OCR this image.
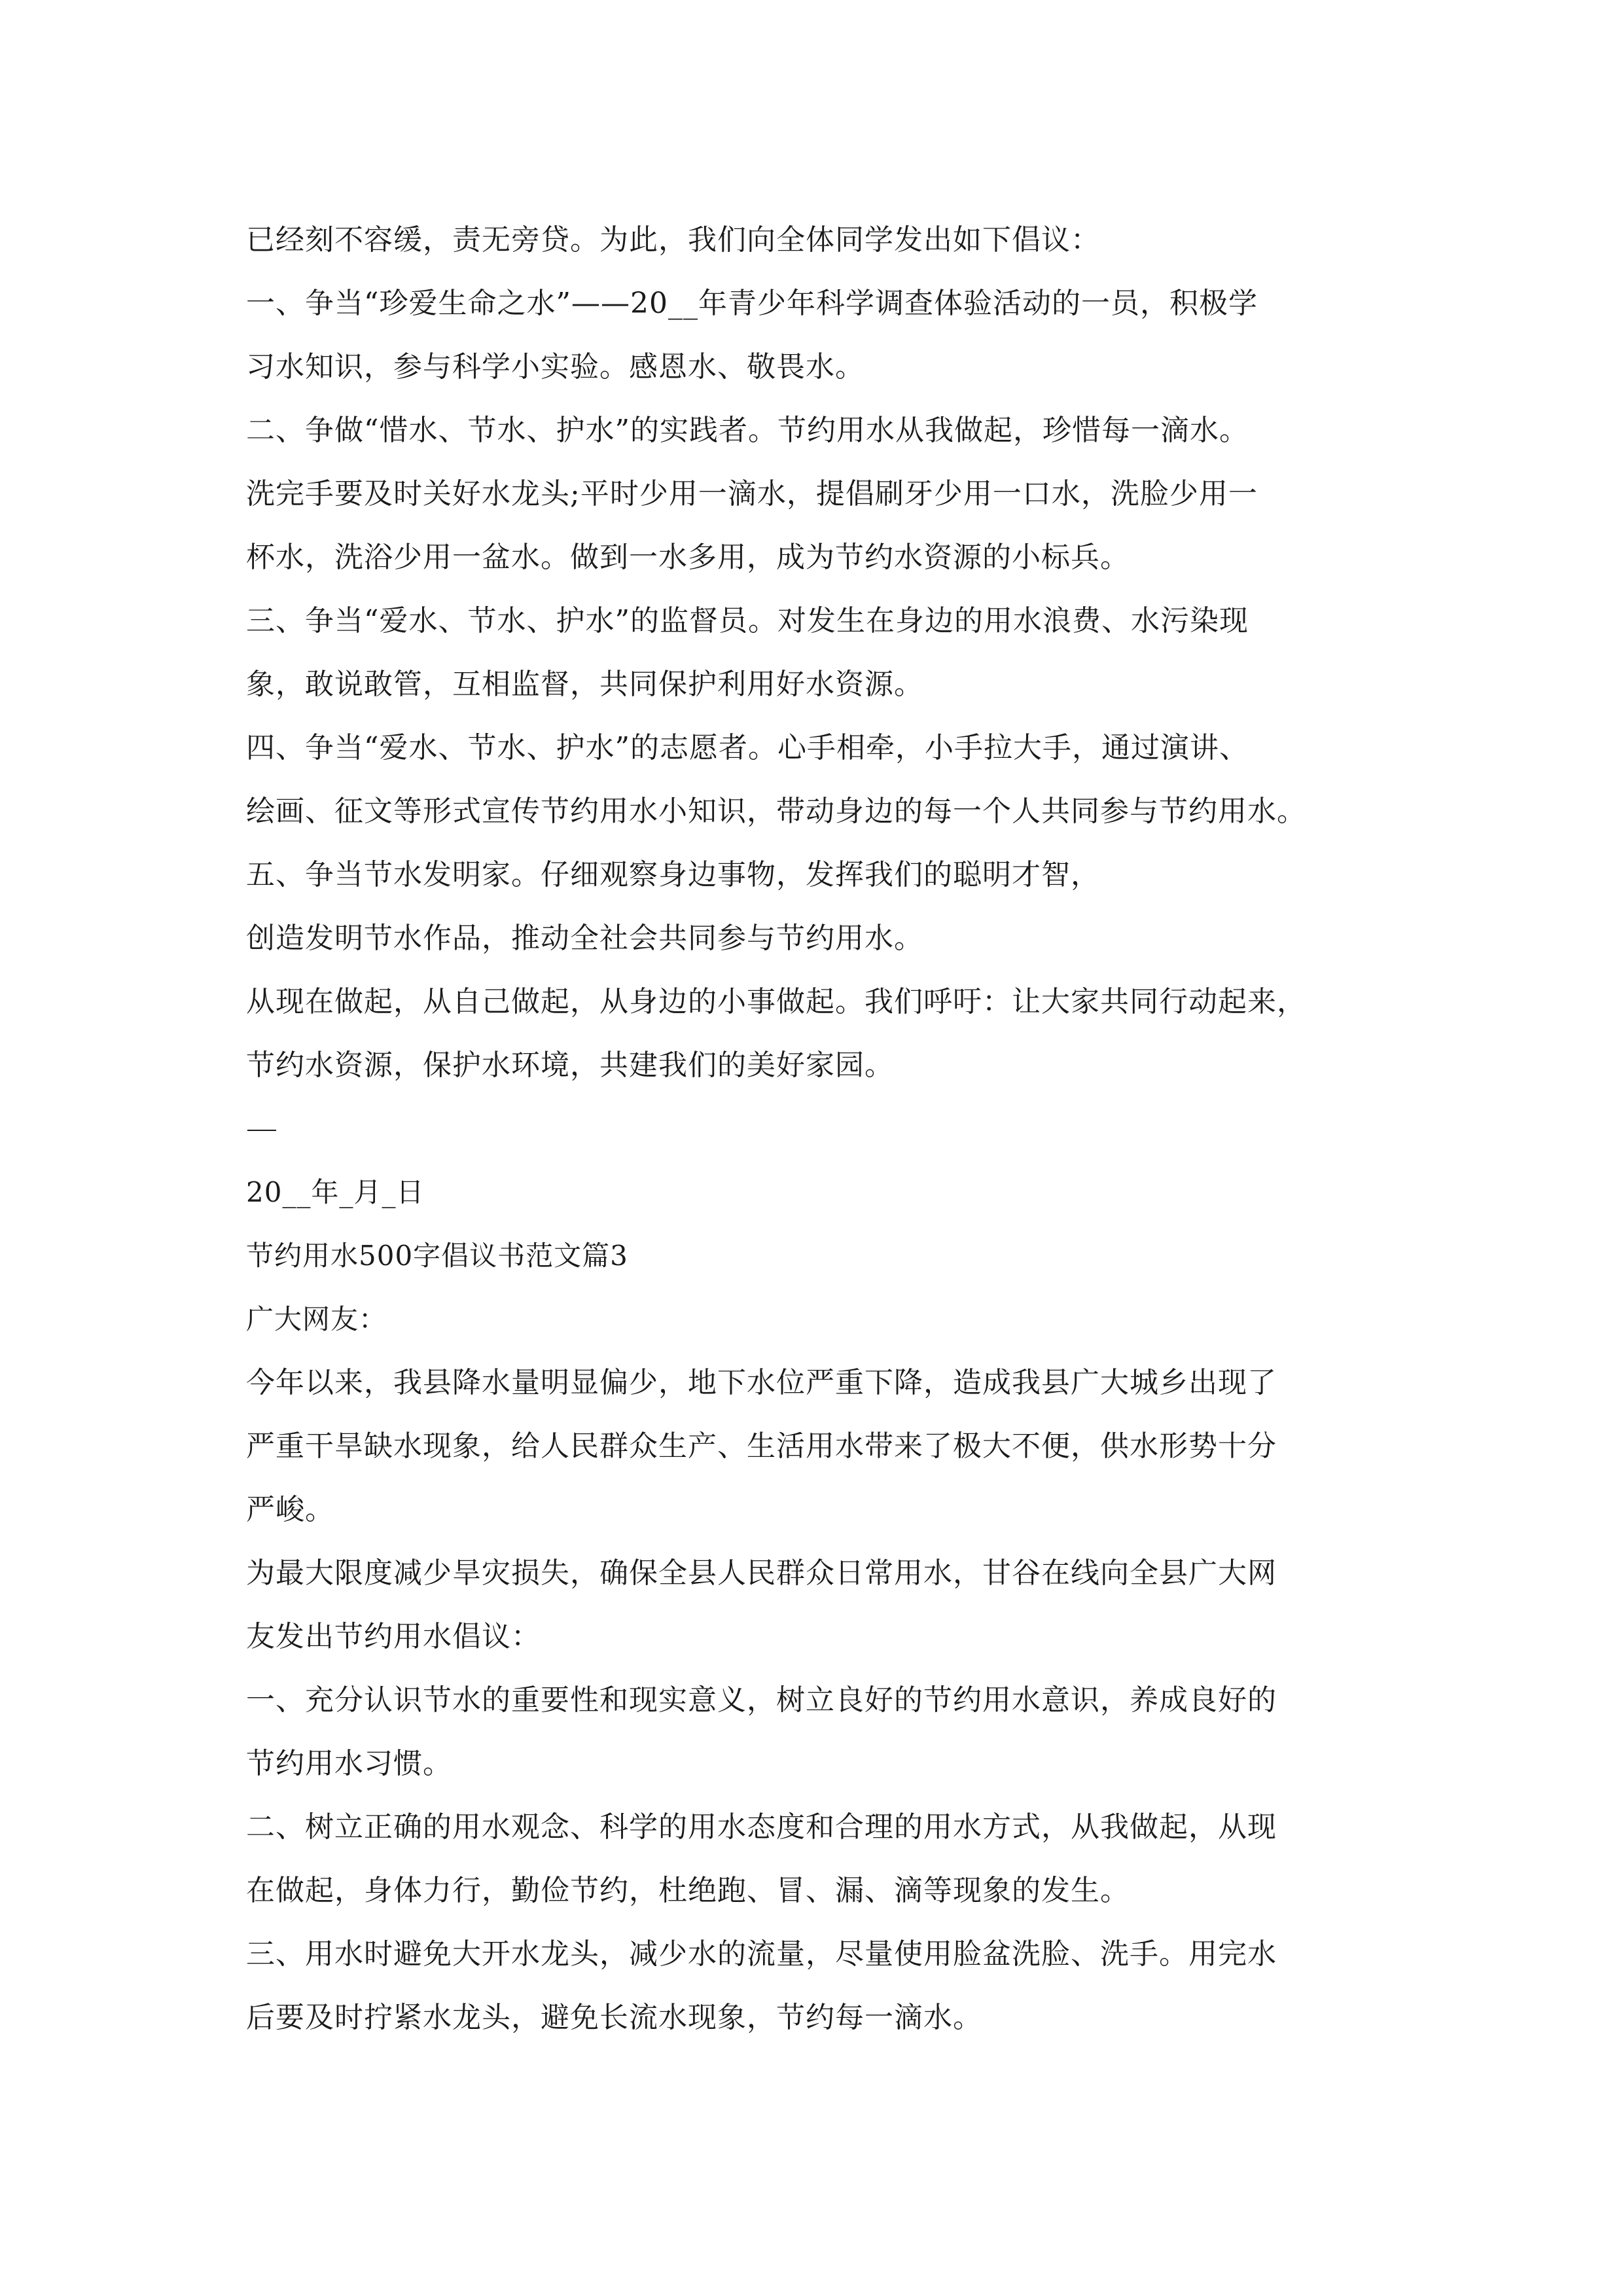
已经刻不容缓，责无旁贷。为此，我们向全体同学发出如下倡议：
一、争当“珍爱生命之水”——20__年青少年科学调查体验活动的一员，积极学
习水知识，参与科学小实验。感恩水、敬畏水。
二、争做“惜水、节水、护水”的实践者。节约用水从我做起，珍惜每一滴水。
洗完手要及时关好水龙头;平时少用一滴水，提倡刷牙少用一口水，洗脸少用一
杯水，洗浴少用一盆水。做到一水多用，成为节约水资源的小标兵。
三、争当“爱水、节水、护水”的监督员。对发生在身边的用水浪费、水污染现
象，敢说敢管，互相监督，共同保护利用好水资源。
四、争当“爱水、节水、护水”的志愿者。心手相牵，小手拉大手，通过演讲、
绘画、征文等形式宣传节约用水小知识，带动身边的每一个人共同参与节约用水。
五、争当节水发明家。仔细观察身边事物，发挥我们的聪明才智，
创造发明节水作品，推动全社会共同参与节约用水。
从现在做起，从自己做起，从身边的小事做起。我们呼吁：让大家共同行动起来，
节约水资源，保护水环境，共建我们的美好家园。
20__年_月_日
节约用水500字倡议书范文篇3
广大网友：
今年以来，我县降水量明显偏少，地下水位严重下降，造成我县广大城乡出现了
严重干旱缺水现象，给人民群众生产、生活用水带来了极大不便，供水形势十分
严峻。
为最大限度减少旱灾损失，确保全县人民群众日常用水，甘谷在线向全县广大网
友发出节约用水倡议：
一、充分认识节水的重要性和现实意义，树立良好的节约用水意识，养成良好的
节约用水习惯。
二、树立正确的用水观念、科学的用水态度和合理的用水方式，从我做起，从现
在做起，身体力行，勤俭节约，杜绝跑、冒、漏、滴等现象的发生。
三、用水时避免大开水龙头，减少水的流量，尽量使用脸盆洗脸、洗手。用完水
后要及时拧紧水龙头，避免长流水现象，节约每一滴水。
